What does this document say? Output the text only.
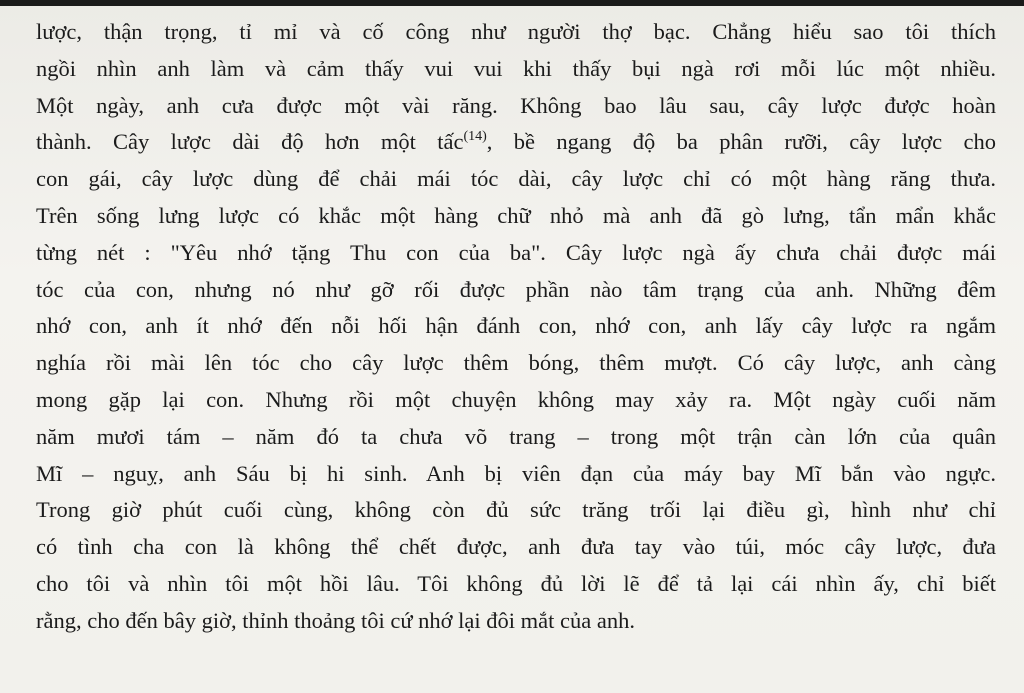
lược, thận trọng, tỉ mỉ và cố công như người thợ bạc. Chẳng hiểu sao tôi thích
ngồi nhìn anh làm và cảm thấy vui vui khi thấy bụi ngà rơi mỗi lúc một nhiều.
Một ngày, anh cưa được một vài răng. Không bao lâu sau, cây lược được hoàn
thành. Cây lược dài độ hơn một tấc$^{(14)}$, bề ngang độ ba phân rưỡi, cây lược cho
con gái, cây lược dùng để chải mái tóc dài, cây lược chỉ có một hàng răng thưa.
Trên sống lưng lược có khắc một hàng chữ nhỏ mà anh đã gò lưng, tẩn mẩn khắc
từng nét : "Yêu nhớ tặng Thu con của ba". Cây lược ngà ấy chưa chải được mái
tóc của con, nhưng nó như gỡ rối được phần nào tâm trạng của anh. Những đêm
nhớ con, anh ít nhớ đến nỗi hối hận đánh con, nhớ con, anh lấy cây lược ra ngắm
nghía rồi mài lên tóc cho cây lược thêm bóng, thêm mượt. Có cây lược, anh càng
mong gặp lại con. Nhưng rồi một chuyện không may xảy ra. Một ngày cuối năm
năm mươi tám – năm đó ta chưa võ trang – trong một trận càn lớn của quân
Mĩ – nguỵ, anh Sáu bị hi sinh. Anh bị viên đạn của máy bay Mĩ bắn vào ngực.
Trong giờ phút cuối cùng, không còn đủ sức trăng trối lại điều gì, hình như chỉ
có tình cha con là không thể chết được, anh đưa tay vào túi, móc cây lược, đưa
cho tôi và nhìn tôi một hồi lâu. Tôi không đủ lời lẽ để tả lại cái nhìn ấy, chỉ biết
rằng, cho đến bây giờ, thỉnh thoảng tôi cứ nhớ lại đôi mắt của anh.
